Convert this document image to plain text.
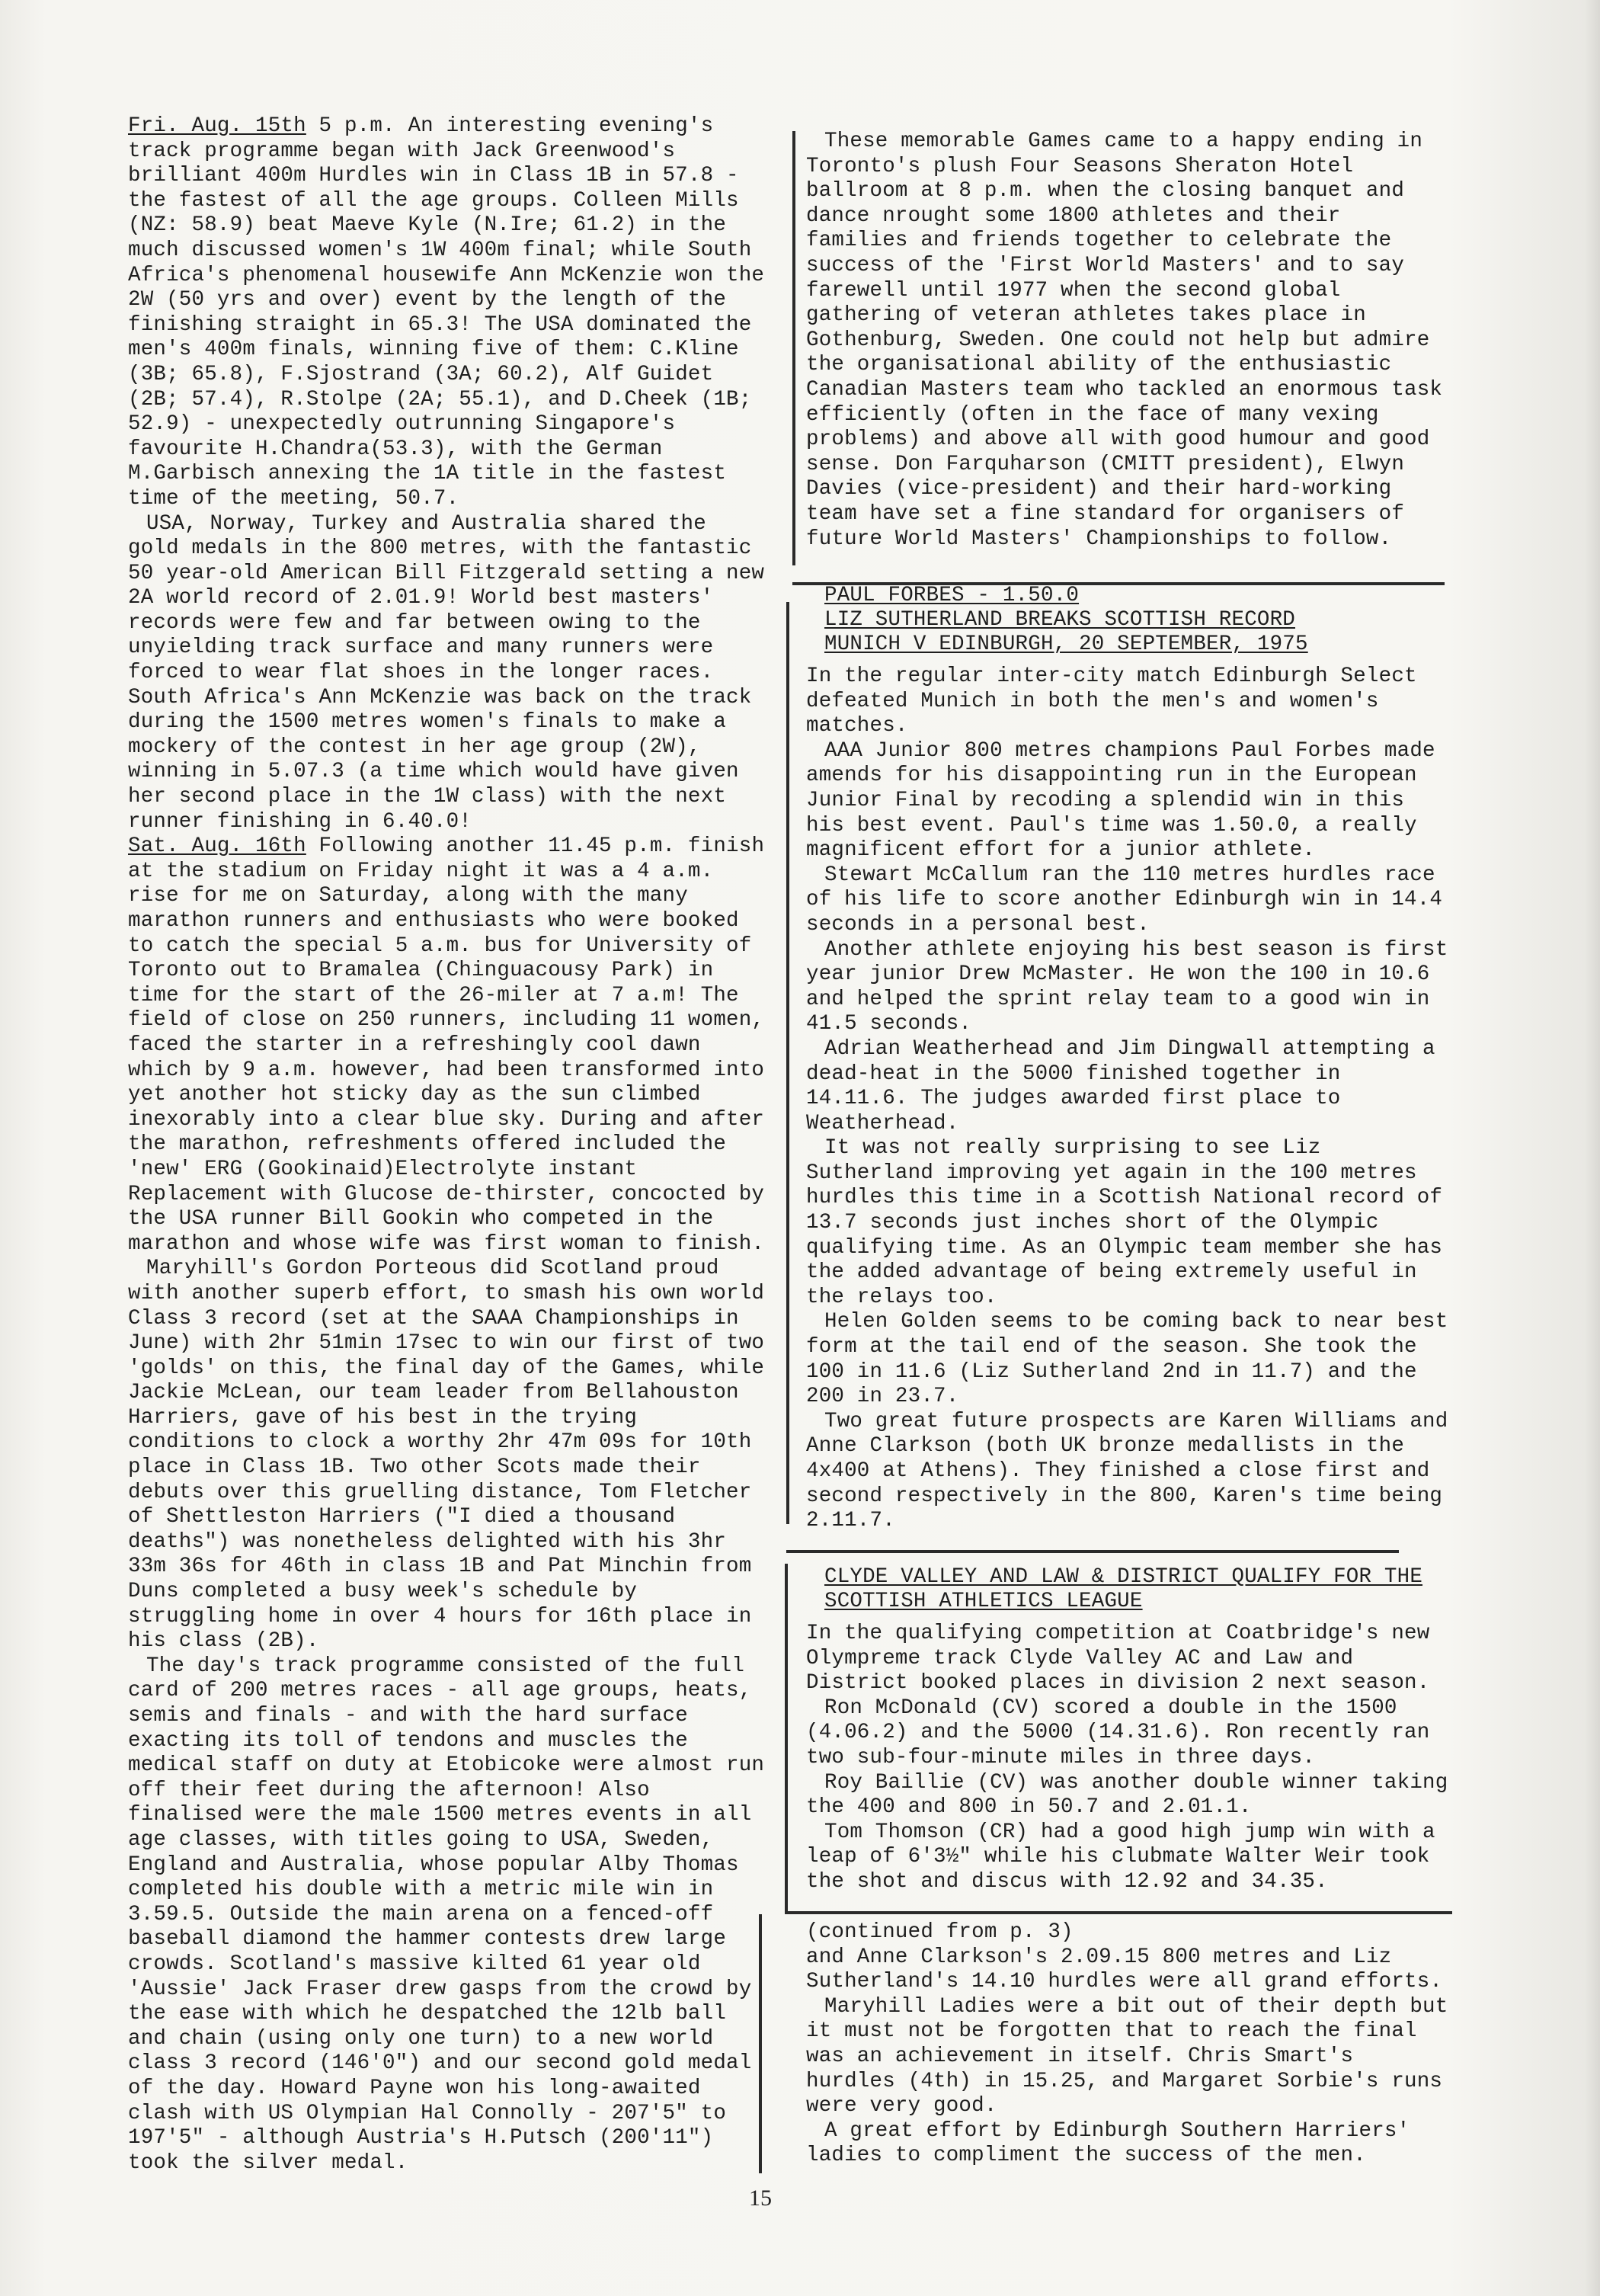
Fri. Aug. 15th 5 p.m. An interesting evening's track programme began with Jack Greenwood's brilliant 400m Hurdles win in Class 1B in 57.8 - the fastest of all the age groups. Colleen Mills (NZ: 58.9) beat Maeve Kyle (N.Ire; 61.2) in the much discussed women's 1W 400m final; while South Africa's phenomenal housewife Ann McKenzie won the 2W (50 yrs and over) event by the length of the finishing straight in 65.3! The USA dominated the men's 400m finals, winning five of them: C.Kline (3B; 65.8), F.Sjostrand (3A; 60.2), Alf Guidet (2B; 57.4), R.Stolpe (2A; 55.1), and D.Cheek (1B; 52.9) - unexpectedly outrunning Singapore's favourite H.Chandra(53.3), with the German M.Garbisch annexing the 1A title in the fastest time of the meeting, 50.7.

USA, Norway, Turkey and Australia shared the gold medals in the 800 metres, with the fantastic 50 year-old American Bill Fitzgerald setting a new 2A world record of 2.01.9! World best masters' records were few and far between owing to the unyielding track surface and many runners were forced to wear flat shoes in the longer races. South Africa's Ann McKenzie was back on the track during the 1500 metres women's finals to make a mockery of the contest in her age group (2W), winning in 5.07.3 (a time which would have given her second place in the 1W class) with the next runner finishing in 6.40.0!

Sat. Aug. 16th Following another 11.45 p.m. finish at the stadium on Friday night it was a 4 a.m. rise for me on Saturday, along with the many marathon runners and enthusiasts who were booked to catch the special 5 a.m. bus for University of Toronto out to Bramalea (Chinguacousy Park) in time for the start of the 26-miler at 7 a.m! The field of close on 250 runners, including 11 women, faced the starter in a refreshingly cool dawn which by 9 a.m. however, had been transformed into yet another hot sticky day as the sun climbed inexorably into a clear blue sky. During and after the marathon, refreshments offered included the 'new' ERG (Gookinaid)Electrolyte instant Replacement with Glucose de-thirster, concocted by the USA runner Bill Gookin who competed in the marathon and whose wife was first woman to finish.

Maryhill's Gordon Porteous did Scotland proud with another superb effort, to smash his own world Class 3 record (set at the SAAA Championships in June) with 2hr 51min 17sec to win our first of two 'golds' on this, the final day of the Games, while Jackie McLean, our team leader from Bellahouston Harriers, gave of his best in the trying conditions to clock a worthy 2hr 47m 09s for 10th place in Class 1B. Two other Scots made their debuts over this gruelling distance, Tom Fletcher of Shettleston Harriers ("I died a thousand deaths") was nonetheless delighted with his 3hr 33m 36s for 46th in class 1B and Pat Minchin from Duns completed a busy week's schedule by struggling home in over 4 hours for 16th place in his class (2B).

The day's track programme consisted of the full card of 200 metres races - all age groups, heats, semis and finals - and with the hard surface exacting its toll of tendons and muscles the medical staff on duty at Etobicoke were almost run off their feet during the afternoon! Also finalised were the male 1500 metres events in all age classes, with titles going to USA, Sweden, England and Australia, whose popular Alby Thomas completed his double with a metric mile win in 3.59.5. Outside the main arena on a fenced-off baseball diamond the hammer contests drew large crowds. Scotland's massive kilted 61 year old 'Aussie' Jack Fraser drew gasps from the crowd by the ease with which he despatched the 12lb ball and chain (using only one turn) to a new world class 3 record (146'0") and our second gold medal of the day. Howard Payne won his long-awaited clash with US Olympian Hal Connolly - 207'5" to 197'5" - although Austria's H.Putsch (200'11") took the silver medal.

These memorable Games came to a happy ending in Toronto's plush Four Seasons Sheraton Hotel ballroom at 8 p.m. when the closing banquet and dance nrought some 1800 athletes and their families and friends together to celebrate the success of the 'First World Masters' and to say farewell until 1977 when the second global gathering of veteran athletes takes place in Gothenburg, Sweden. One could not help but admire the organisational ability of the enthusiastic Canadian Masters team who tackled an enormous task efficiently (often in the face of many vexing problems) and above all with good humour and good sense. Don Farquharson (CMITT president), Elwyn Davies (vice-president) and their hard-working team have set a fine standard for organisers of future World Masters' Championships to follow.

PAUL FORBES - 1.50.0

LIZ SUTHERLAND BREAKS SCOTTISH RECORD

MUNICH V EDINBURGH, 20 SEPTEMBER, 1975

In the regular inter-city match Edinburgh Select defeated Munich in both the men's and women's matches.

AAA Junior 800 metres champions Paul Forbes made amends for his disappointing run in the European Junior Final by recoding a splendid win in this his best event. Paul's time was 1.50.0, a really magnificent effort for a junior athlete.

Stewart McCallum ran the 110 metres hurdles race of his life to score another Edinburgh win in 14.4 seconds in a personal best.

Another athlete enjoying his best season is first year junior Drew McMaster. He won the 100 in 10.6 and helped the sprint relay team to a good win in 41.5 seconds.

Adrian Weatherhead and Jim Dingwall attempting a dead-heat in the 5000 finished together in 14.11.6. The judges awarded first place to Weatherhead.

It was not really surprising to see Liz Sutherland improving yet again in the 100 metres hurdles this time in a Scottish National record of 13.7 seconds just inches short of the Olympic qualifying time. As an Olympic team member she has the added advantage of being extremely useful in the relays too.

Helen Golden seems to be coming back to near best form at the tail end of the season. She took the 100 in 11.6 (Liz Sutherland 2nd in 11.7) and the 200 in 23.7.

Two great future prospects are Karen Williams and Anne Clarkson (both UK bronze medallists in the 4x400 at Athens). They finished a close first and second respectively in the 800, Karen's time being 2.11.7.

CLYDE VALLEY AND LAW & DISTRICT QUALIFY FOR THE

SCOTTISH ATHLETICS LEAGUE

In the qualifying competition at Coatbridge's new Olympreme track Clyde Valley AC and Law and District booked places in division 2 next season.

Ron McDonald (CV) scored a double in the 1500 (4.06.2) and the 5000 (14.31.6). Ron recently ran two sub-four-minute miles in three days.

Roy Baillie (CV) was another double winner taking the 400 and 800 in 50.7 and 2.01.1.

Tom Thomson (CR) had a good high jump win with a leap of 6'3½" while his clubmate Walter Weir took the shot and discus with 12.92 and 34.35.

(continued from p. 3)

and Anne Clarkson's 2.09.15 800 metres and Liz Sutherland's 14.10 hurdles were all grand efforts.

Maryhill Ladies were a bit out of their depth but it must not be forgotten that to reach the final was an achievement in itself. Chris Smart's hurdles (4th) in 15.25, and Margaret Sorbie's runs were very good.

A great effort by Edinburgh Southern Harriers' ladies to compliment the success of the men.

15
